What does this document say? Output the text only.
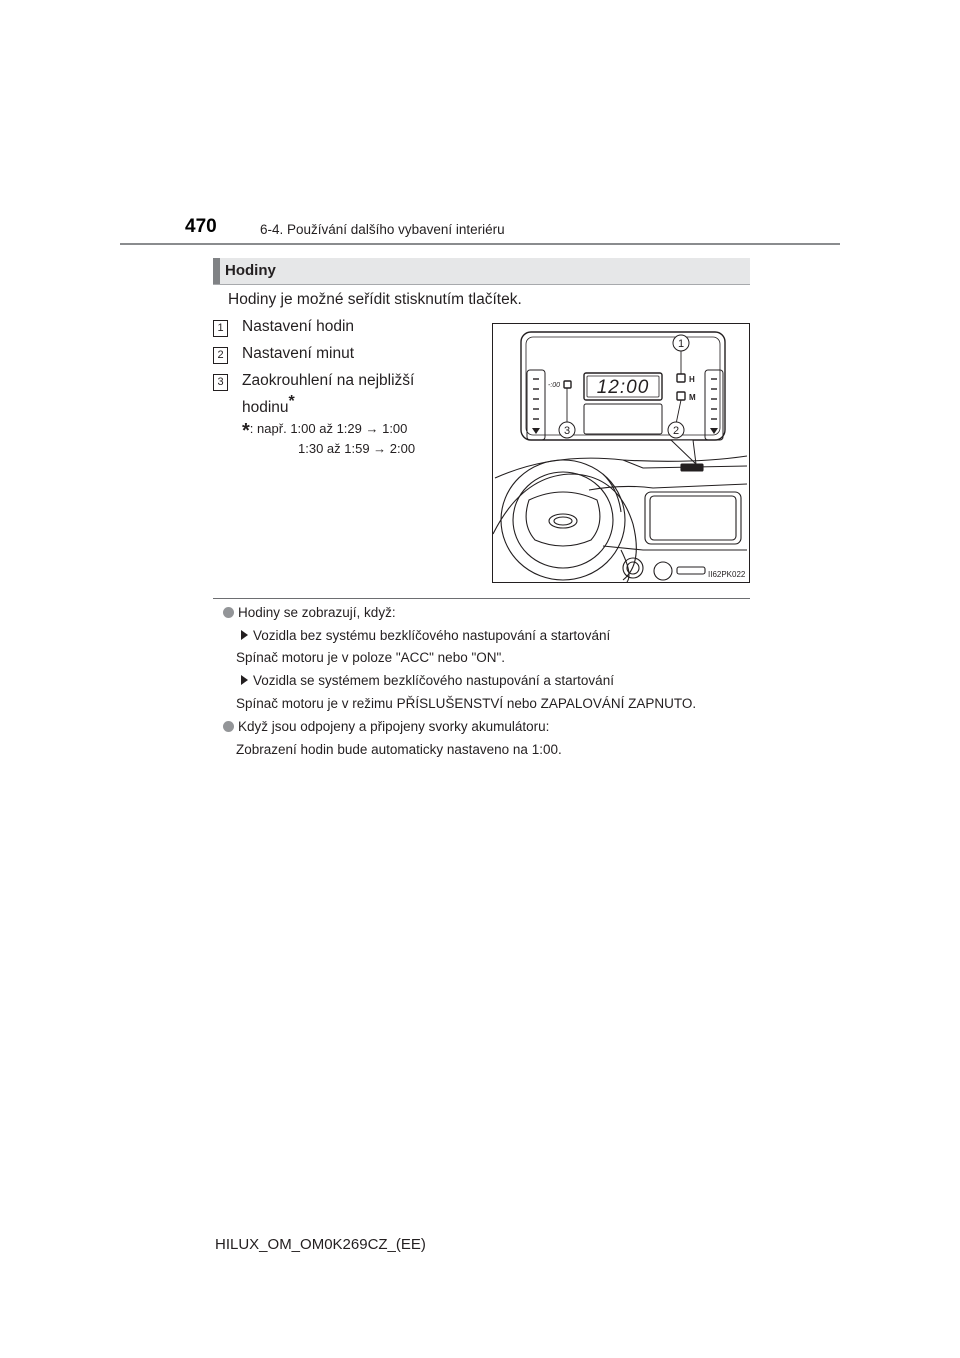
470	6-4. Používání dalšího vybavení interiéru
Hodiny
Hodiny je možné seřídit stisknutím tlačítek.
1 Nastavení hodin
2 Nastavení minut
3 Zaokrouhlení na nejbližší
hodinu*
*: např. 1:00 až 1:29 → 1:00
1:30 až 1:59 → 2:00
12:00	H
M
-:00
1
2
3
II62PK022
Hodiny se zobrazují, když:
Vozidla bez systému bezklíčového nastupování a startování
Spínač motoru je v poloze "ACC" nebo "ON".
Vozidla se systémem bezklíčového nastupování a startování
Spínač motoru je v režimu PŘÍSLUŠENSTVÍ nebo ZAPALOVÁNÍ ZAPNUTO.
Když jsou odpojeny a připojeny svorky akumulátoru:
Zobrazení hodin bude automaticky nastaveno na 1:00.
HILUX_OM_OM0K269CZ_(EE)
